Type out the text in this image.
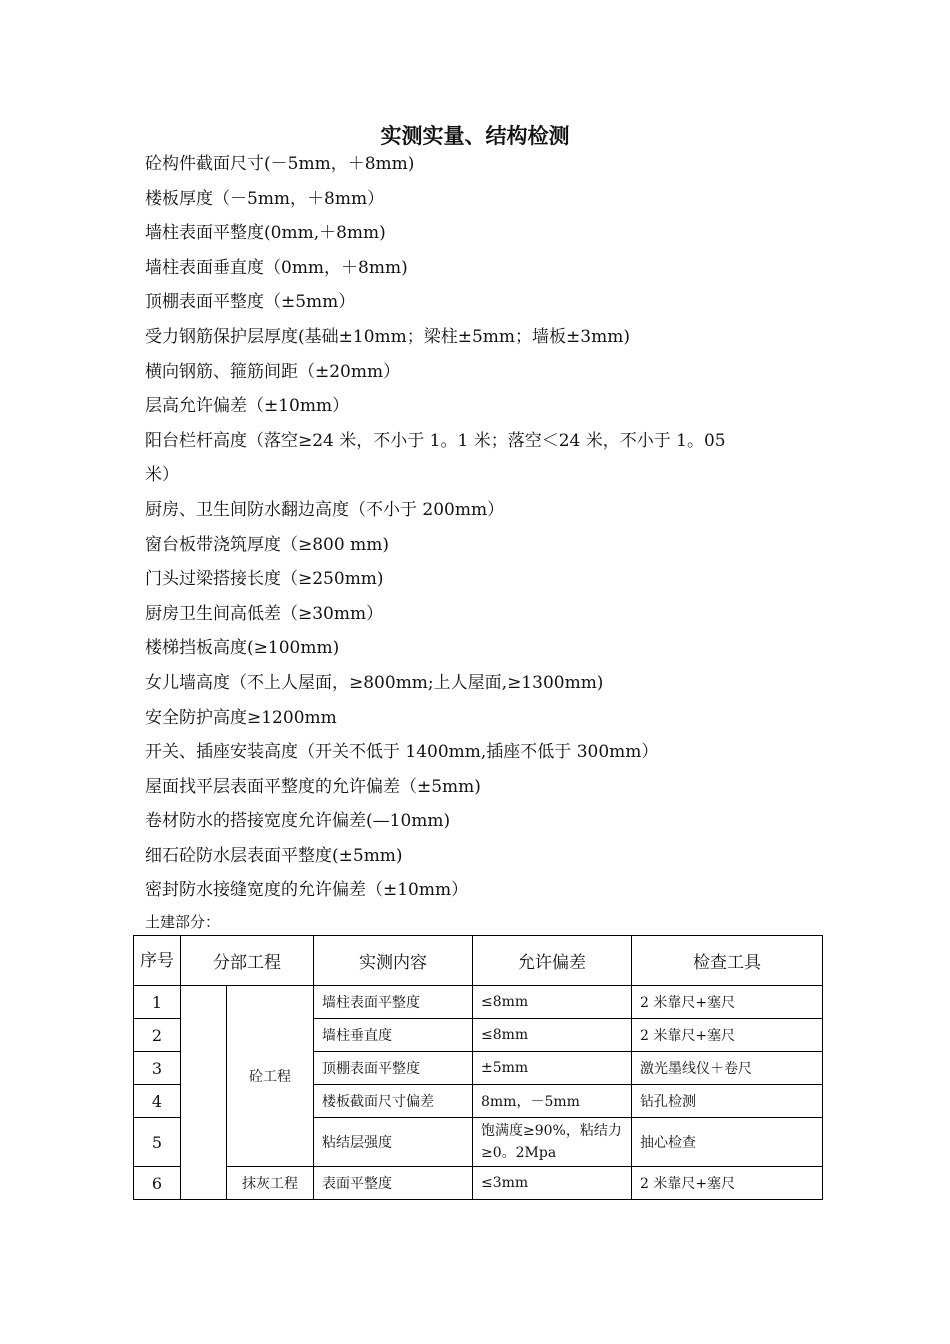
实测实量、结构检测
砼构件截面尺寸(－5mm，＋8mm)
楼板厚度（－5mm，＋8mm）
墙柱表面平整度(0mm,＋8mm)
墙柱表面垂直度（0mm，＋8mm)
顶棚表面平整度（±5mm）
受力钢筋保护层厚度(基础±10mm；梁柱±5mm；墙板±3mm)
横向钢筋、箍筋间距（±20mm）
层高允许偏差（±10mm）
阳台栏杆高度（落空≥24 米，不小于 1。1 米；落空＜24 米，不小于 1。05
米）
厨房、卫生间防水翻边高度（不小于 200mm）
窗台板带浇筑厚度（≥800 mm)
门头过梁搭接长度（≥250mm)
厨房卫生间高低差（≥30mm）
楼梯挡板高度(≥100mm)
女儿墙高度（不上人屋面，≥800mm;上人屋面,≥1300mm)
安全防护高度≥1200mm
开关、插座安装高度（开关不低于 1400mm,插座不低于 300mm）
屋面找平层表面平整度的允许偏差（±5mm)
卷材防水的搭接宽度允许偏差(—10mm)
细石砼防水层表面平整度(±5mm)
密封防水接缝宽度的允许偏差（±10mm）
土建部分：
序号	分部工程		实测内容	允许偏差	检查工具
1		砼工程	墙柱表面平整度	≤8mm	2 米靠尺+塞尺
2			墙柱垂直度	≤8mm	2 米靠尺+塞尺
3			顶棚表面平整度	±5mm	激光墨线仪＋卷尺
4			楼板截面尺寸偏差	8mm，－5mm	钻孔检测
5			粘结层强度	饱满度≥90%，粘结力≥0。2Mpa	抽心检查
6		抹灰工程	表面平整度	≤3mm	2 米靠尺+塞尺
